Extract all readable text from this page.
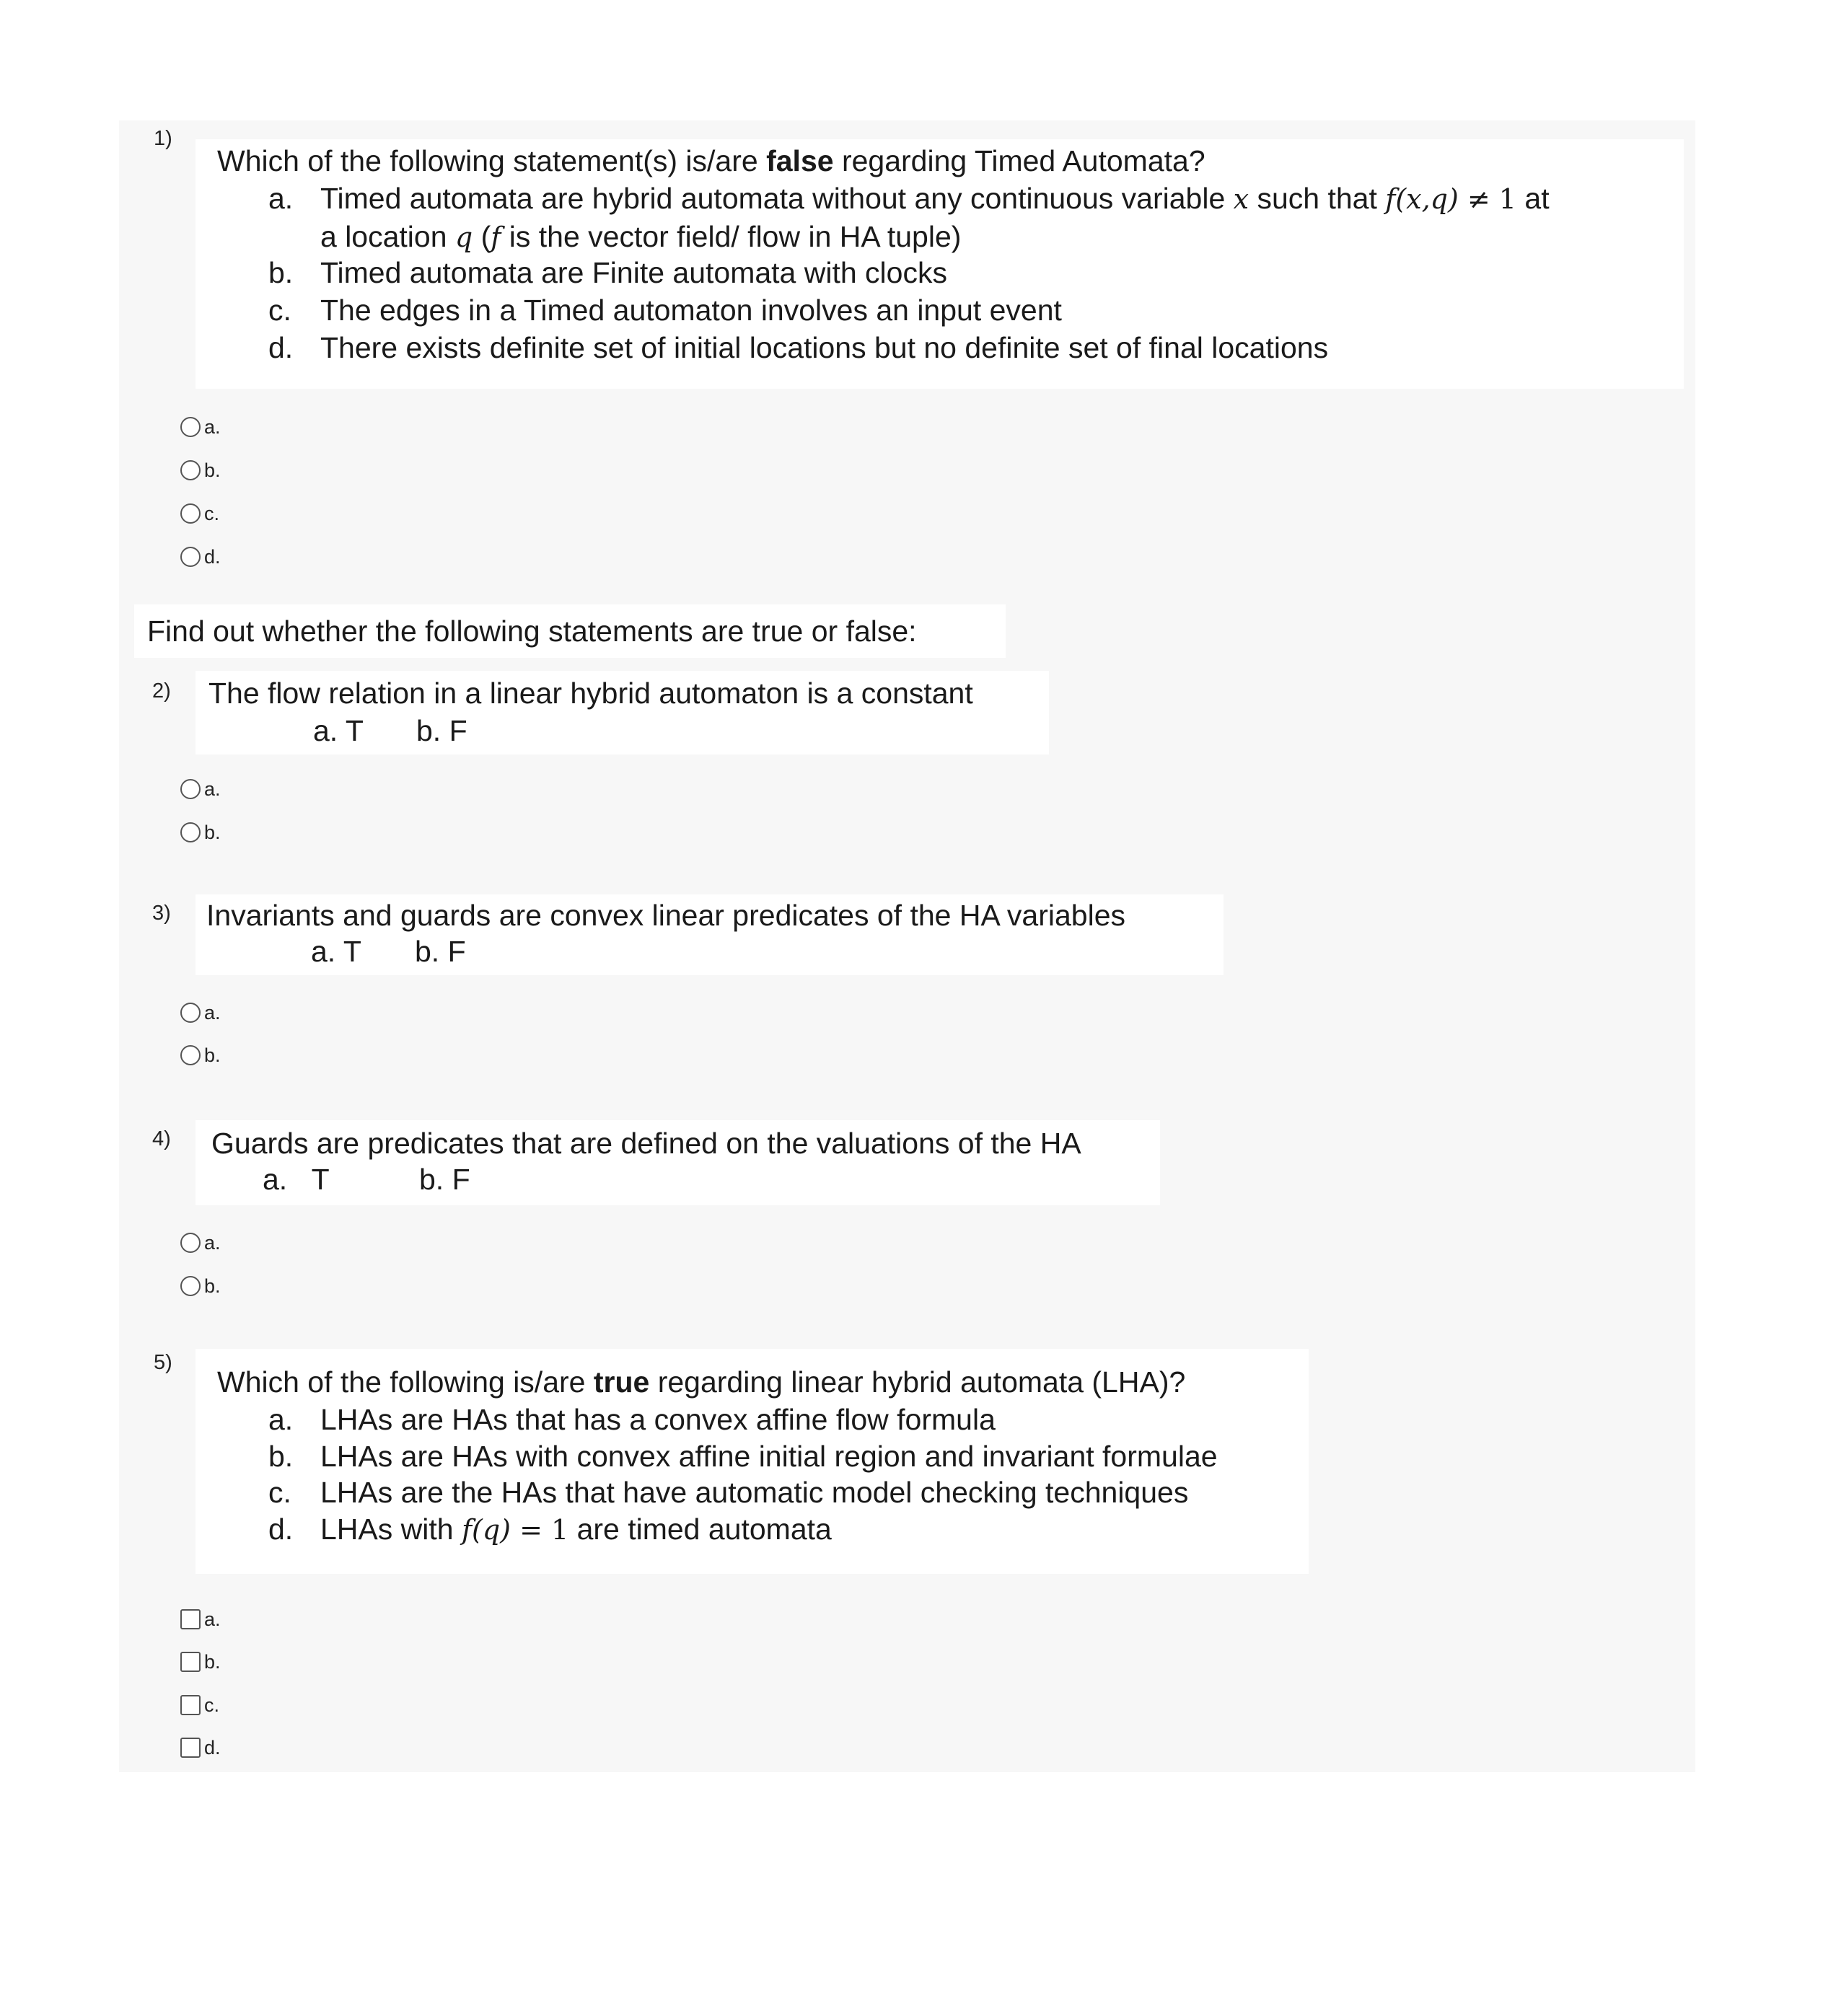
1)
Which of the following statement(s) is/are false regarding Timed Automata?
a. Timed automata are hybrid automata without any continuous variable x such that f(x,q) ≠ 1 at
a location q (f is the vector field/ flow in HA tuple)
b. Timed automata are Finite automata with clocks
c. The edges in a Timed automaton involves an input event
d. There exists definite set of initial locations but no definite set of final locations
a.
b.
c.
d.
Find out whether the following statements are true or false:
2) The flow relation in a linear hybrid automaton is a constant
a. T b. F
a.
b.
3) Invariants and guards are convex linear predicates of the HA variables
a. T b. F
a.
b.
4) Guards are predicates that are defined on the valuations of the HA
a.   T	b. F
a.
b.
5)
Which of the following is/are true regarding linear hybrid automata (LHA)?
a. LHAs are HAs that has a convex affine flow formula
b. LHAs are HAs with convex affine initial region and invariant formulae
c. LHAs are the HAs that have automatic model checking techniques
d. LHAs with f(q) = 1 are timed automata
a.
b.
c.
d.
